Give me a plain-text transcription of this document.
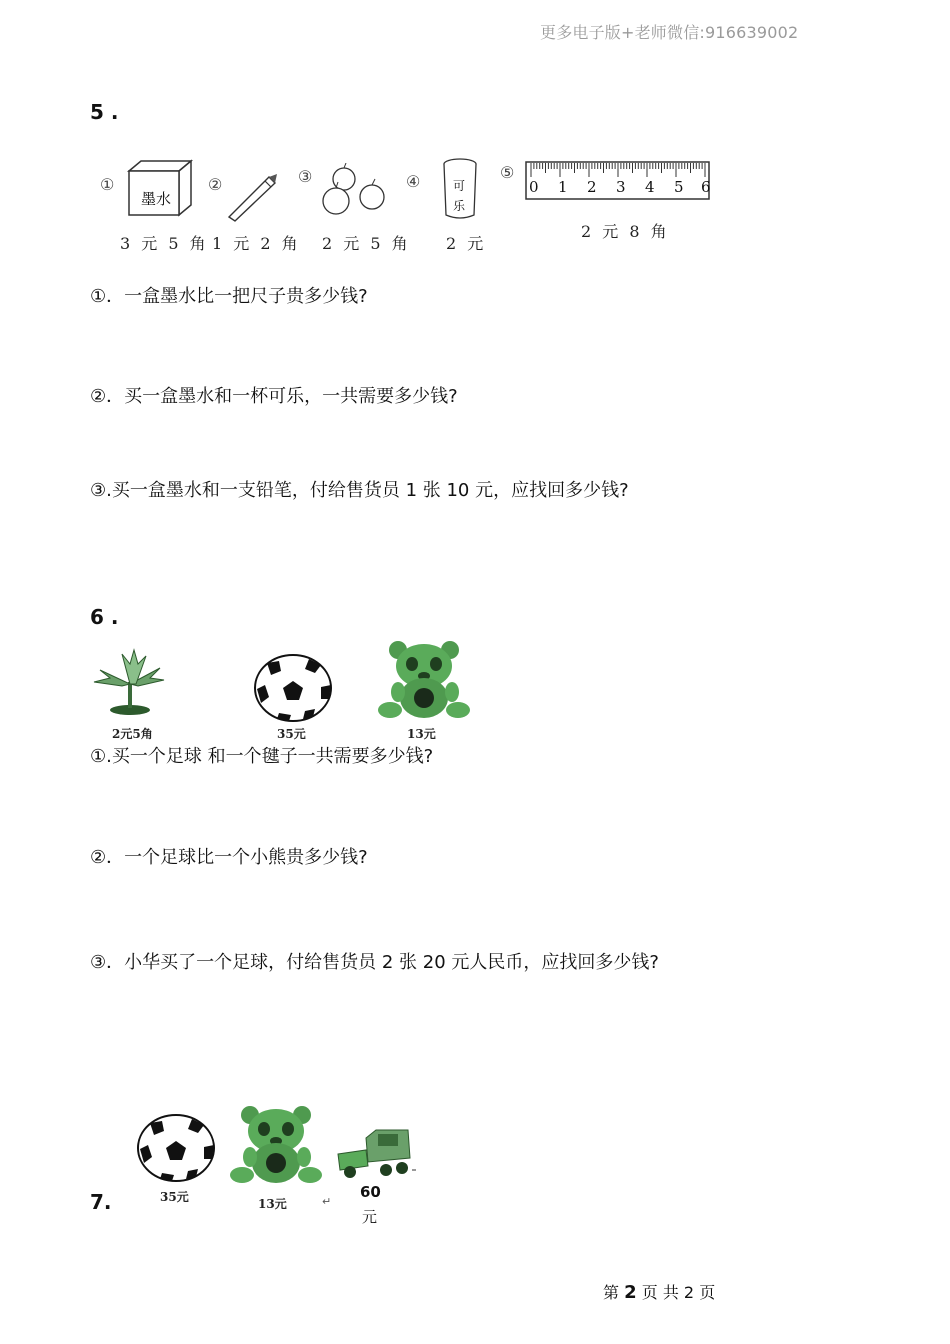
更多电子版+老师微信:916639002
5 .
①
墨水
②	③	④	可
乐
⑤
0 1 2 3 4 5 6
3 元 5 角 1 元 2 角 2 元 5 角 2 元
2 元 8 角
①．一盒墨水比一把尺子贵多少钱?
②．买一盒墨水和一杯可乐，一共需要多少钱?
③.买一盒墨水和一支铅笔，付给售货员 1 张 10 元，应找回多少钱?
6 .
2元5角	35元	13元
①.买一个足球 和一个毽子一共需要多少钱?
②．一个足球比一个小熊贵多少钱?
③．小华买了一个足球，付给售货员 2 张 20 元人民币，应找回多少钱?
7.	35元	13元	↵
60
元
第 2 页 共 2 页
